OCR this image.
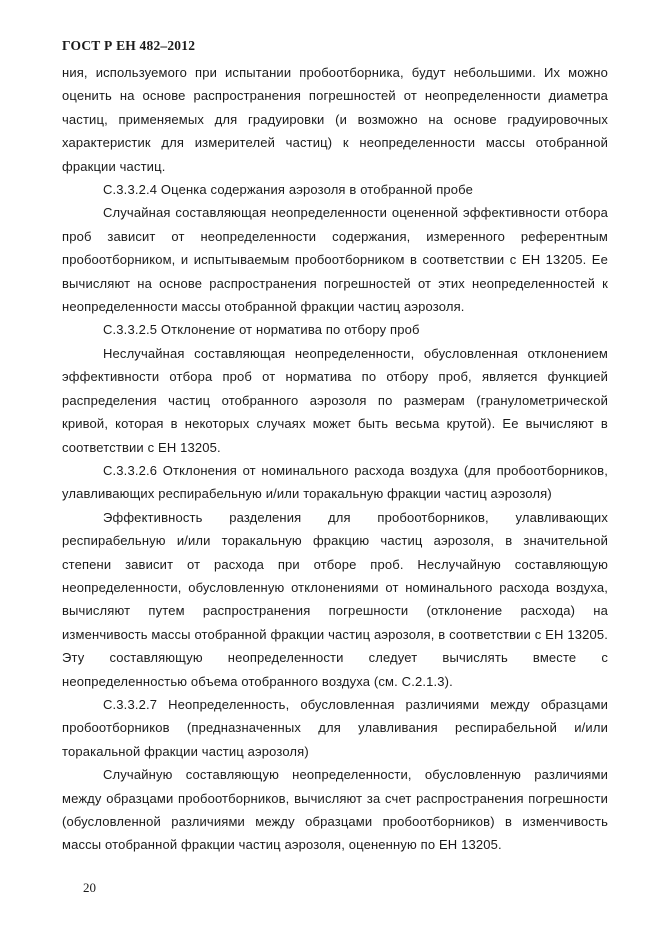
ГОСТ Р ЕН 482–2012

ния, используемого при испытании пробоотборника, будут небольшими. Их можно оценить на основе распространения погрешностей от неопределенности диаметра частиц, применяемых для градуировки (и возможно на основе градуировочных характеристик для измерителей частиц) к неопределенности массы отобранной фракции частиц.

С.3.3.2.4 Оценка содержания аэрозоля в отобранной пробе

Случайная составляющая неопределенности оцененной эффективности отбора проб зависит от неопределенности содержания, измеренного референтным пробоотборником, и испытываемым пробоотборником в соответствии с ЕН 13205. Ее вычисляют на основе распространения погрешностей от этих неопределенностей к неопределенности массы отобранной фракции частиц аэрозоля.

С.3.3.2.5 Отклонение от норматива по отбору проб

Неслучайная составляющая неопределенности, обусловленная отклонением эффективности отбора проб от норматива по отбору проб, является функцией распределения частиц отобранного аэрозоля по размерам (гранулометрической кривой, которая в некоторых случаях может быть весьма крутой). Ее вычисляют в соответствии с ЕН 13205.

С.3.3.2.6 Отклонения от номинального расхода воздуха (для пробоотборников, улавливающих респирабельную и/или торакальную фракции частиц аэрозоля)

Эффективность разделения для пробоотборников, улавливающих респирабельную и/или торакальную фракцию частиц аэрозоля, в значительной степени зависит от расхода при отборе проб. Неслучайную составляющую неопределенности, обусловленную отклонениями от номинального расхода воздуха, вычисляют путем распространения погрешности (отклонение расхода) на изменчивость массы отобранной фракции частиц аэрозоля, в соответствии с ЕН 13205. Эту составляющую неопределенности следует вычислять вместе с неопределенностью объема отобранного воздуха (см. С.2.1.3).

С.3.3.2.7 Неопределенность, обусловленная различиями между образцами пробоотборников (предназначенных для улавливания респирабельной и/или торакальной фракции частиц аэрозоля)

Случайную составляющую неопределенности, обусловленную различиями между образцами пробоотборников, вычисляют за счет распространения погрешности (обусловленной различиями между образцами пробоотборников) в изменчивость массы отобранной фракции частиц аэрозоля, оцененную по ЕН 13205.

20
